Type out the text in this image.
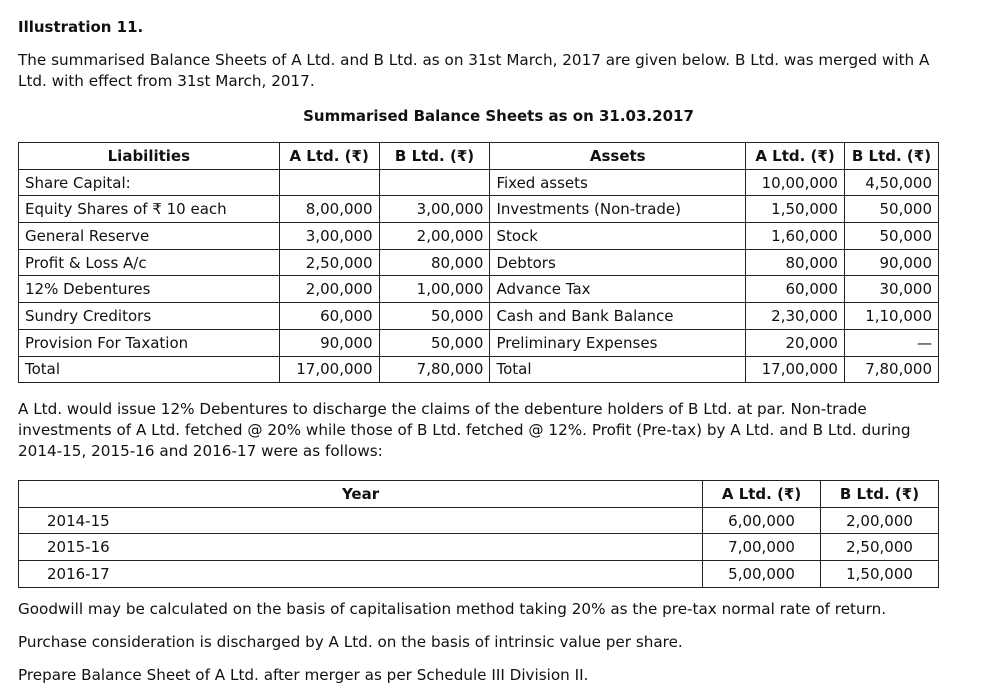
Illustration 11.
The summarised Balance Sheets of A Ltd. and B Ltd. as on 31st March, 2017 are given below. B Ltd. was merged with A Ltd. with effect from 31st March, 2017.
Summarised Balance Sheets as on 31.03.2017
Liabilities	A Ltd. (₹)	B Ltd. (₹)	Assets	A Ltd. (₹)	B Ltd. (₹)
Share Capital:			Fixed assets	10,00,000	4,50,000
Equity Shares of ₹ 10 each	8,00,000	3,00,000	Investments (Non-trade)	1,50,000	50,000
General Reserve	3,00,000	2,00,000	Stock	1,60,000	50,000
Profit & Loss A/c	2,50,000	80,000	Debtors	80,000	90,000
12% Debentures	2,00,000	1,00,000	Advance Tax	60,000	30,000
Sundry Creditors	60,000	50,000	Cash and Bank Balance	2,30,000	1,10,000
Provision For Taxation	90,000	50,000	Preliminary Expenses	20,000	—
Total	17,00,000	7,80,000	Total	17,00,000	7,80,000
A Ltd. would issue 12% Debentures to discharge the claims of the debenture holders of B Ltd. at par. Non-trade investments of A Ltd. fetched @ 20% while those of B Ltd. fetched @ 12%. Profit (Pre-tax) by A Ltd. and B Ltd. during 2014-15, 2015-16 and 2016-17 were as follows:
Year	A Ltd. (₹)	B Ltd. (₹)
2014-15	6,00,000	2,00,000
2015-16	7,00,000	2,50,000
2016-17	5,00,000	1,50,000
Goodwill may be calculated on the basis of capitalisation method taking 20% as the pre-tax normal rate of return.
Purchase consideration is discharged by A Ltd. on the basis of intrinsic value per share.
Prepare Balance Sheet of A Ltd. after merger as per Schedule III Division II.
